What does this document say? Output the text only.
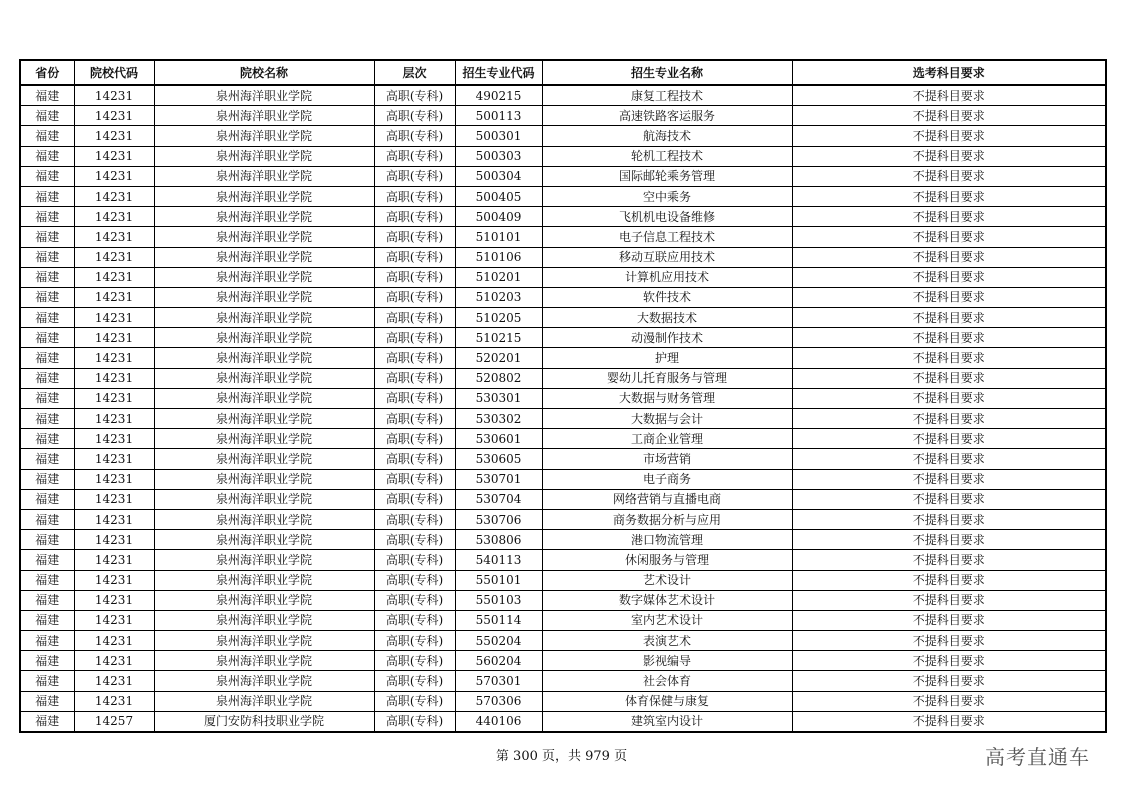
省份	院校代码	院校名称	层次	招生专业代码	招生专业名称	选考科目要求
福建	14231	泉州海洋职业学院	高职(专科)	490215	康复工程技术	不提科目要求
福建	14231	泉州海洋职业学院	高职(专科)	500113	高速铁路客运服务	不提科目要求
福建	14231	泉州海洋职业学院	高职(专科)	500301	航海技术	不提科目要求
福建	14231	泉州海洋职业学院	高职(专科)	500303	轮机工程技术	不提科目要求
福建	14231	泉州海洋职业学院	高职(专科)	500304	国际邮轮乘务管理	不提科目要求
福建	14231	泉州海洋职业学院	高职(专科)	500405	空中乘务	不提科目要求
福建	14231	泉州海洋职业学院	高职(专科)	500409	飞机机电设备维修	不提科目要求
福建	14231	泉州海洋职业学院	高职(专科)	510101	电子信息工程技术	不提科目要求
福建	14231	泉州海洋职业学院	高职(专科)	510106	移动互联应用技术	不提科目要求
福建	14231	泉州海洋职业学院	高职(专科)	510201	计算机应用技术	不提科目要求
福建	14231	泉州海洋职业学院	高职(专科)	510203	软件技术	不提科目要求
福建	14231	泉州海洋职业学院	高职(专科)	510205	大数据技术	不提科目要求
福建	14231	泉州海洋职业学院	高职(专科)	510215	动漫制作技术	不提科目要求
福建	14231	泉州海洋职业学院	高职(专科)	520201	护理	不提科目要求
福建	14231	泉州海洋职业学院	高职(专科)	520802	婴幼儿托育服务与管理	不提科目要求
福建	14231	泉州海洋职业学院	高职(专科)	530301	大数据与财务管理	不提科目要求
福建	14231	泉州海洋职业学院	高职(专科)	530302	大数据与会计	不提科目要求
福建	14231	泉州海洋职业学院	高职(专科)	530601	工商企业管理	不提科目要求
福建	14231	泉州海洋职业学院	高职(专科)	530605	市场营销	不提科目要求
福建	14231	泉州海洋职业学院	高职(专科)	530701	电子商务	不提科目要求
福建	14231	泉州海洋职业学院	高职(专科)	530704	网络营销与直播电商	不提科目要求
福建	14231	泉州海洋职业学院	高职(专科)	530706	商务数据分析与应用	不提科目要求
福建	14231	泉州海洋职业学院	高职(专科)	530806	港口物流管理	不提科目要求
福建	14231	泉州海洋职业学院	高职(专科)	540113	休闲服务与管理	不提科目要求
福建	14231	泉州海洋职业学院	高职(专科)	550101	艺术设计	不提科目要求
福建	14231	泉州海洋职业学院	高职(专科)	550103	数字媒体艺术设计	不提科目要求
福建	14231	泉州海洋职业学院	高职(专科)	550114	室内艺术设计	不提科目要求
福建	14231	泉州海洋职业学院	高职(专科)	550204	表演艺术	不提科目要求
福建	14231	泉州海洋职业学院	高职(专科)	560204	影视编导	不提科目要求
福建	14231	泉州海洋职业学院	高职(专科)	570301	社会体育	不提科目要求
福建	14231	泉州海洋职业学院	高职(专科)	570306	体育保健与康复	不提科目要求
福建	14257	厦门安防科技职业学院	高职(专科)	440106	建筑室内设计	不提科目要求
第 300 页，共 979 页	高考直通车
